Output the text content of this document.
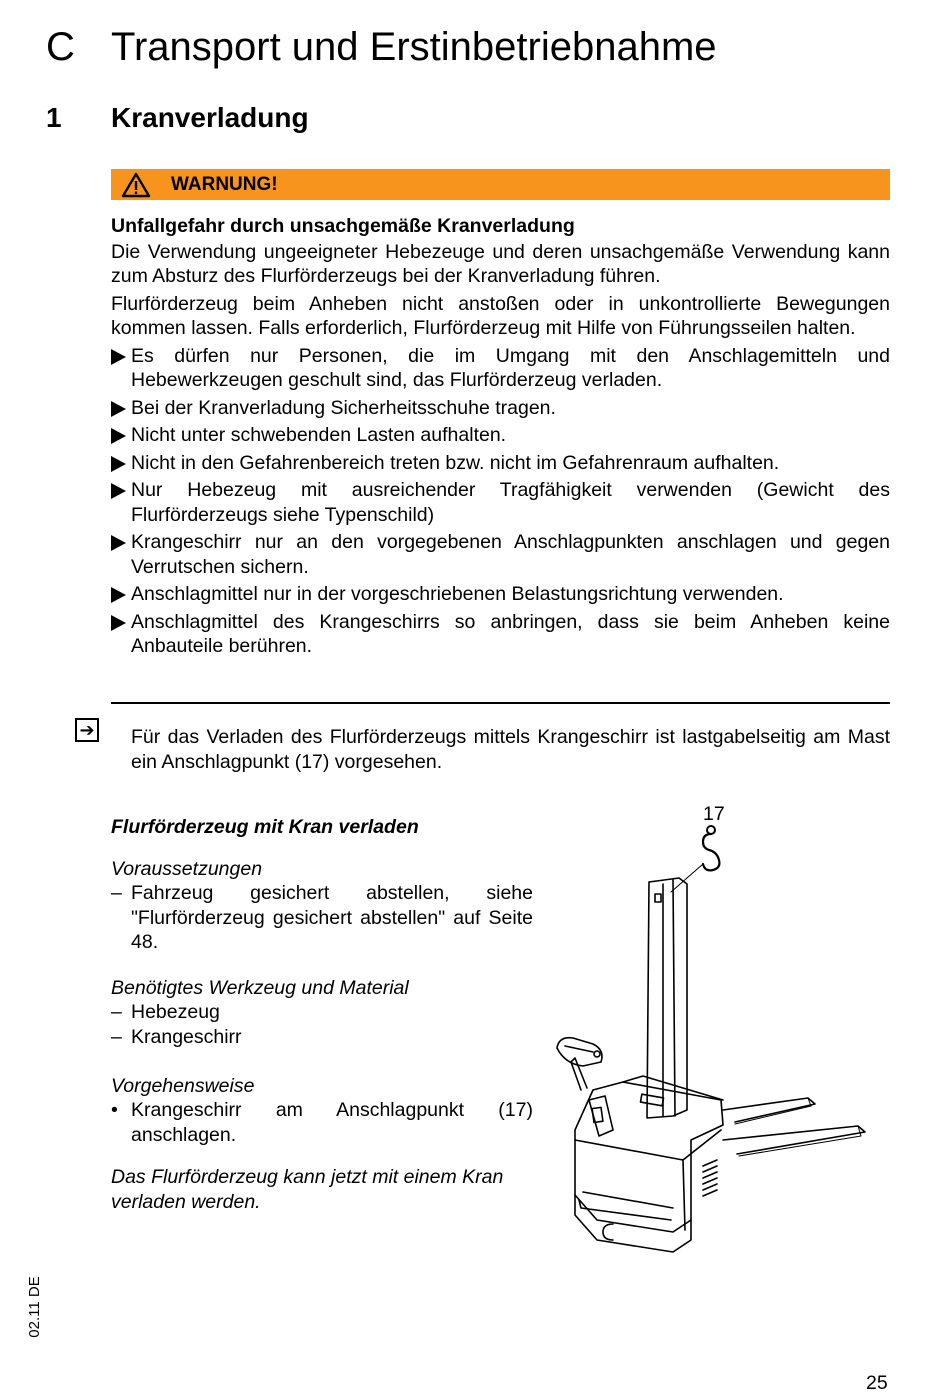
C Transport und Erstinbetriebnahme
1 Kranverladung
WARNUNG!

Unfallgefahr durch unsachgemäße Kranverladung

Die Verwendung ungeeigneter Hebezeuge und deren unsachgemäße Verwendung kann zum Absturz des Flurförderzeugs bei der Kranverladung führen.

Flurförderzeug beim Anheben nicht anstoßen oder in unkontrollierte Bewegungen kommen lassen. Falls erforderlich, Flurförderzeug mit Hilfe von Führungsseilen halten.

Es dürfen nur Personen, die im Umgang mit den Anschlagemitteln und Hebewerkzeugen geschult sind, das Flurförderzeug verladen.
Bei der Kranverladung Sicherheitsschuhe tragen.
Nicht unter schwebenden Lasten aufhalten.
Nicht in den Gefahrenbereich treten bzw. nicht im Gefahrenraum aufhalten.
Nur Hebezeug mit ausreichender Tragfähigkeit verwenden (Gewicht des Flurförderzeugs siehe Typenschild)
Krangeschirr nur an den vorgegebenen Anschlagpunkten anschlagen und gegen Verrutschen sichern.
Anschlagmittel nur in der vorgeschriebenen Belastungsrichtung verwenden.
Anschlagmittel des Krangeschirrs so anbringen, dass sie beim Anheben keine Anbauteile berühren.
➔ Für das Verladen des Flurförderzeugs mittels Krangeschirr ist lastgabelseitig am Mast ein Anschlagpunkt (17) vorgesehen.
Flurförderzeug mit Kran verladen
Voraussetzungen
– Fahrzeug gesichert abstellen, siehe "Flurförderzeug gesichert abstellen" auf Seite 48.
Benötigtes Werkzeug und Material
– Hebezeug
– Krangeschirr
Vorgehensweise
• Krangeschirr am Anschlagpunkt (17) anschlagen.
Das Flurförderzeug kann jetzt mit einem Kran verladen werden.
17
02.11 DE
25
